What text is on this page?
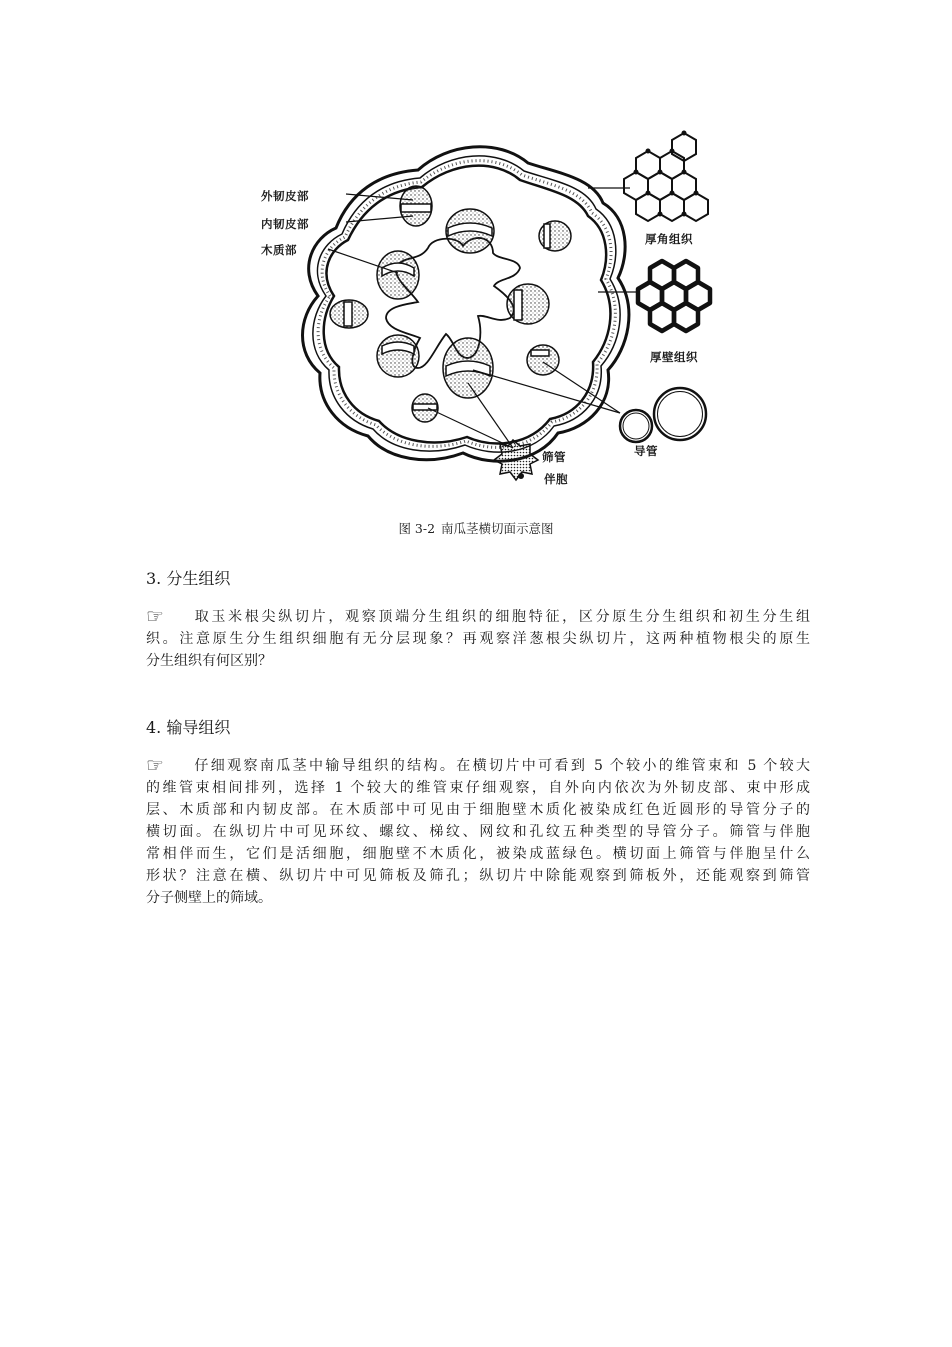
外韧皮部
内韧皮部
木质部
厚角组织
厚壁组织
导管
筛管
伴胞
图 3-2 南瓜茎横切面示意图
3. 分生组织
☞ 取玉米根尖纵切片，观察顶端分生组织的细胞特征，区分原生分生组织和初生分生组
织。注意原生分生组织细胞有无分层现象？再观察洋葱根尖纵切片，这两种植物根尖的原生
分生组织有何区别？
4. 输导组织
☞ 仔细观察南瓜茎中输导组织的结构。在横切片中可看到 5 个较小的维管束和 5 个较大
的维管束相间排列，选择 1 个较大的维管束仔细观察，自外向内依次为外韧皮部、束中形成
层、木质部和内韧皮部。在木质部中可见由于细胞壁木质化被染成红色近圆形的导管分子的
横切面。在纵切片中可见环纹、螺纹、梯纹、网纹和孔纹五种类型的导管分子。筛管与伴胞
常相伴而生，它们是活细胞，细胞壁不木质化，被染成蓝绿色。横切面上筛管与伴胞呈什么
形状？注意在横、纵切片中可见筛板及筛孔；纵切片中除能观察到筛板外，还能观察到筛管
分子侧壁上的筛域。
